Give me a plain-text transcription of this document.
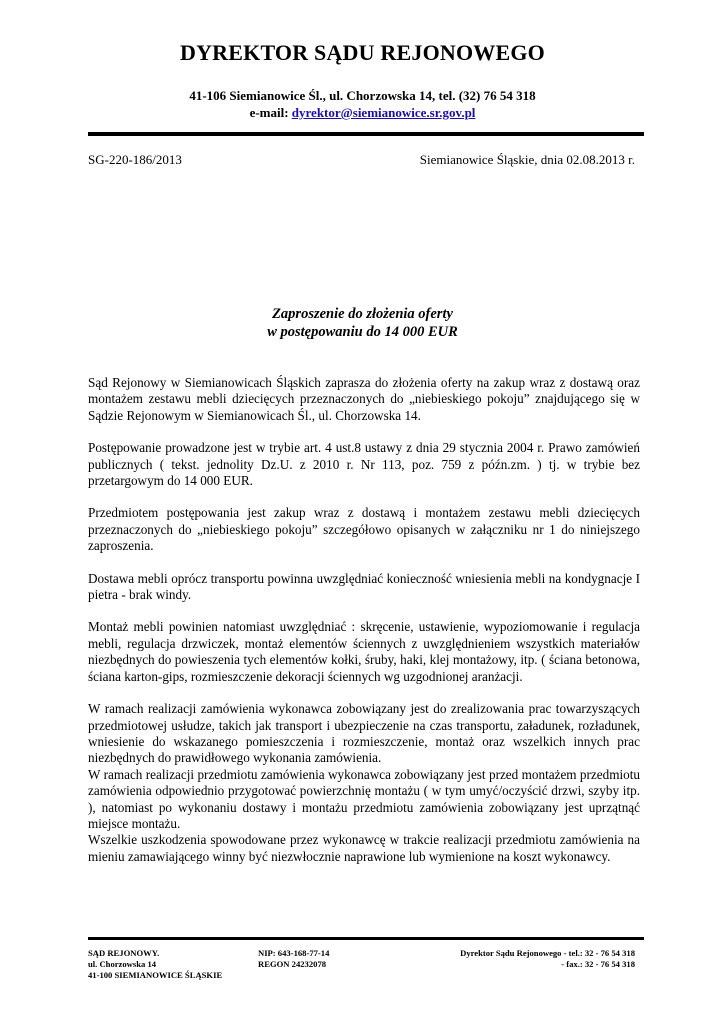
DYREKTOR SĄDU REJONOWEGO
41-106 Siemianowice Śl., ul. Chorzowska 14, tel. (32) 76 54 318
e-mail: dyrektor@siemianowice.sr.gov.pl
SG-220-186/2013	Siemianowice Śląskie, dnia 02.08.2013 r.
Zaproszenie do złożenia oferty
w postępowaniu do 14 000 EUR

Sąd Rejonowy w Siemianowicach Śląskich zaprasza do złożenia oferty na zakup wraz z dostawą oraz montażem zestawu mebli dziecięcych przeznaczonych do „niebieskiego pokoju” znajdującego się w Sądzie Rejonowym w Siemianowicach Śl., ul. Chorzowska 14.

Postępowanie prowadzone jest w trybie art. 4 ust.8 ustawy z dnia 29 stycznia 2004 r. Prawo zamówień publicznych ( tekst. jednolity Dz.U. z 2010 r. Nr 113, poz. 759 z późn.zm. ) tj. w trybie bez przetargowym do 14 000 EUR.

Przedmiotem postępowania jest zakup wraz z dostawą i montażem zestawu mebli dziecięcych przeznaczonych do „niebieskiego pokoju” szczegółowo opisanych w załączniku nr 1 do niniejszego zaproszenia.

Dostawa mebli oprócz transportu powinna uwzględniać konieczność wniesienia mebli na kondygnacje I pietra - brak windy.

Montaż mebli powinien natomiast uwzględniać : skręcenie, ustawienie, wypoziomowanie i regulacja mebli, regulacja drzwiczek, montaż elementów ściennych z uwzględnieniem wszystkich materiałów niezbędnych do powieszenia tych elementów kołki, śruby, haki, klej montażowy, itp. ( ściana betonowa, ściana karton-gips, rozmieszczenie dekoracji ściennych wg uzgodnionej aranżacji.

W ramach realizacji zamówienia wykonawca zobowiązany jest do zrealizowania prac towarzyszących przedmiotowej usłudze, takich jak transport i ubezpieczenie na czas transportu, załadunek, rozładunek, wniesienie do wskazanego pomieszczenia i rozmieszczenie, montaż oraz wszelkich innych prac niezbędnych do prawidłowego wykonania zamówienia.

W ramach realizacji przedmiotu zamówienia wykonawca zobowiązany jest przed montażem przedmiotu zamówienia odpowiednio przygotować powierzchnię montażu ( w tym umyć/oczyścić drzwi, szyby itp. ), natomiast po wykonaniu dostawy i montażu przedmiotu zamówienia zobowiązany jest uprzątnąć miejsce montażu.

Wszelkie uszkodzenia spowodowane przez wykonawcę w trakcie realizacji przedmiotu zamówienia na mieniu zamawiającego winny być niezwłocznie naprawione lub wymienione na koszt wykonawcy.

SĄD REJONOWY.
ul. Chorzowska 14
41-100 SIEMIANOWICE ŚLĄSKIE
NIP: 643-168-77-14
REGON 24232078
Dyrektor Sądu Rejonowego - tel.: 32 - 76 54 318
- fax.: 32 - 76 54 318
